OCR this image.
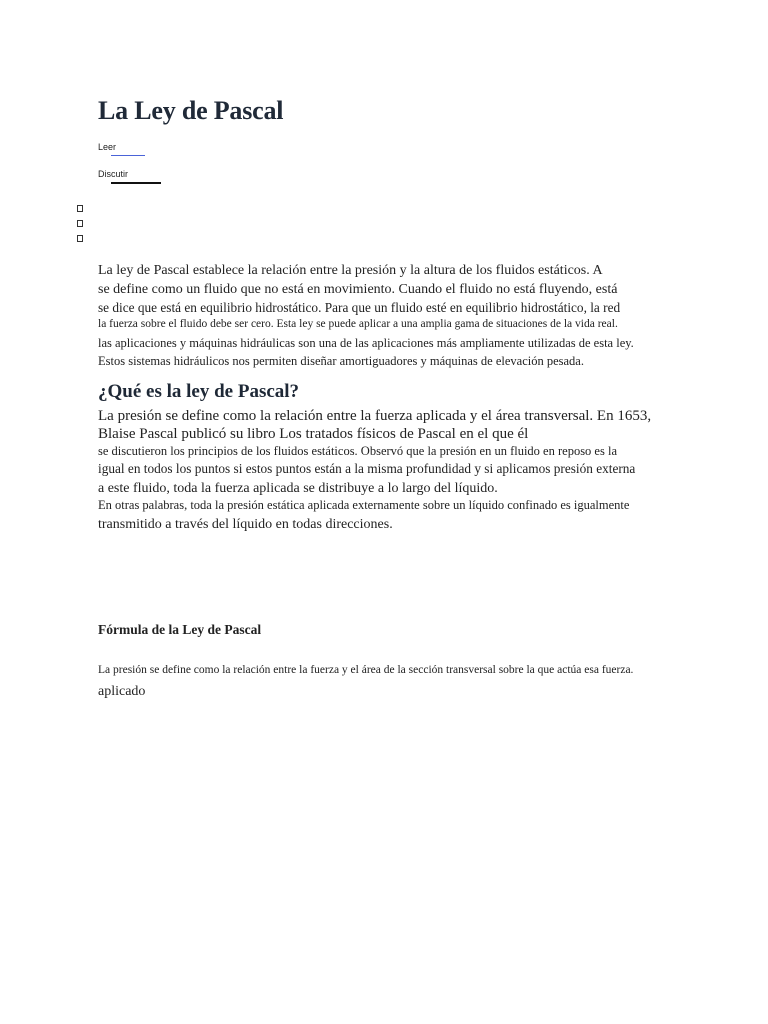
La Ley de Pascal
Leer
Discutir
La ley de Pascal establece la relación entre la presión y la altura de los fluidos estáticos. A
se define como un fluido que no está en movimiento. Cuando el fluido no está fluyendo, está
se dice que está en equilibrio hidrostático. Para que un fluido esté en equilibrio hidrostático, la red
la fuerza sobre el fluido debe ser cero. Esta ley se puede aplicar a una amplia gama de situaciones de la vida real.
las aplicaciones y máquinas hidráulicas son una de las aplicaciones más ampliamente utilizadas de esta ley.
Estos sistemas hidráulicos nos permiten diseñar amortiguadores y máquinas de elevación pesada.
¿Qué es la ley de Pascal?
La presión se define como la relación entre la fuerza aplicada y el área transversal. En 1653,
Blaise Pascal publicó su libro Los tratados físicos de Pascal en el que él
se discutieron los principios de los fluidos estáticos. Observó que la presión en un fluido en reposo es la
igual en todos los puntos si estos puntos están a la misma profundidad y si aplicamos presión externa
a este fluido, toda la fuerza aplicada se distribuye a lo largo del líquido.
En otras palabras, toda la presión estática aplicada externamente sobre un líquido confinado es igualmente
transmitido a través del líquido en todas direcciones.
Fórmula de la Ley de Pascal
La presión se define como la relación entre la fuerza y el área de la sección transversal sobre la que actúa esa fuerza.
aplicado
